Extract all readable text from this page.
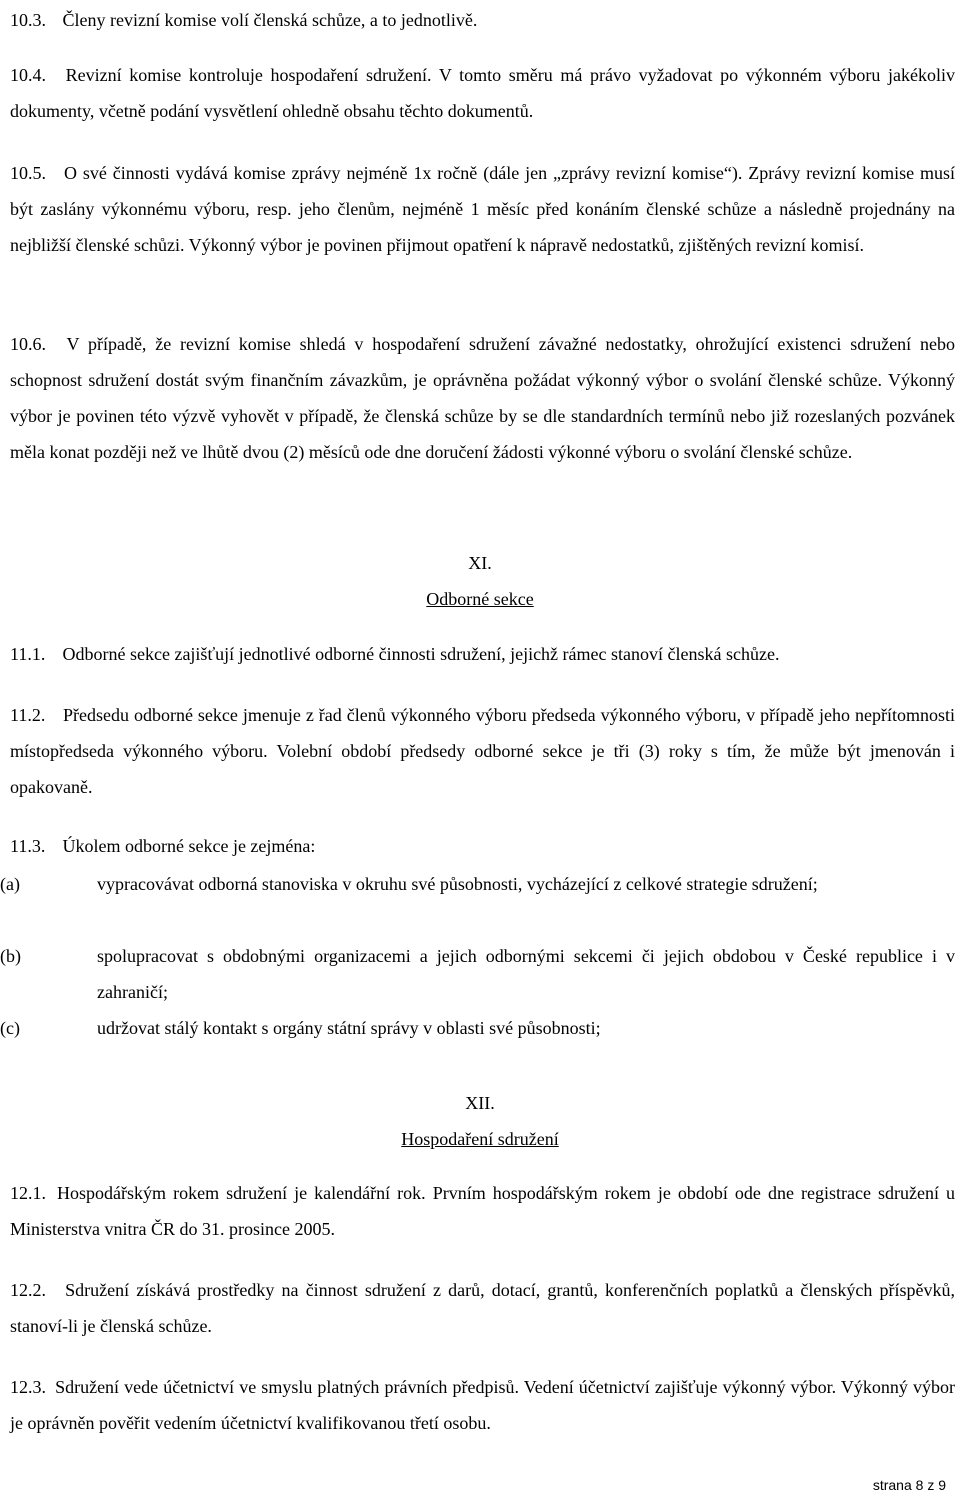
10.3. Členy revizní komise volí členská schůze, a to jednotlivě.

10.4. Revizní komise kontroluje hospodaření sdružení. V tomto směru má právo vyžadovat po výkonném výboru jakékoliv dokumenty, včetně podání vysvětlení ohledně obsahu těchto dokumentů.

10.5. O své činnosti vydává komise zprávy nejméně 1x ročně (dále jen „zprávy revizní komise“). Zprávy revizní komise musí být zaslány výkonnému výboru, resp. jeho členům, nejméně 1 měsíc před konáním členské schůze a následně projednány na nejbližší členské schůzi. Výkonný výbor je povinen přijmout opatření k nápravě nedostatků, zjištěných revizní komisí.

10.6. V případě, že revizní komise shledá v hospodaření sdružení závažné nedostatky, ohrožující existenci sdružení nebo schopnost sdružení dostát svým finančním závazkům, je oprávněna požádat výkonný výbor o svolání členské schůze. Výkonný výbor je povinen této výzvě vyhovět v případě, že členská schůze by se dle standardních termínů nebo již rozeslaných pozvánek měla konat později než ve lhůtě dvou (2) měsíců ode dne doručení žádosti výkonné výboru o svolání členské schůze.

XI.
Odborné sekce

11.1. Odborné sekce zajišťují jednotlivé odborné činnosti sdružení, jejichž rámec stanoví členská schůze.

11.2. Předsedu odborné sekce jmenuje z řad členů výkonného výboru předseda výkonného výboru, v případě jeho nepřítomnosti místopředseda výkonného výboru. Volební období předsedy odborné sekce je tři (3) roky s tím, že může být jmenován i opakovaně.

11.3. Úkolem odborné sekce je zejména:

(a)	vypracovávat odborná stanoviska v okruhu své působnosti, vycházející z celkové strategie sdružení;
(b)	spolupracovat s obdobnými organizacemi a jejich odbornými sekcemi či jejich obdobou v České republice i v zahraničí;
(c)	udržovat stálý kontakt s orgány státní správy v oblasti své působnosti;
XII.
Hospodaření sdružení

12.1. Hospodářským rokem sdružení je kalendářní rok. Prvním hospodářským rokem je období ode dne registrace sdružení u Ministerstva vnitra ČR do 31. prosince 2005.

12.2. Sdružení získává prostředky na činnost sdružení z darů, dotací, grantů, konferenčních poplatků a členských příspěvků, stanoví-li je členská schůze.

12.3. Sdružení vede účetnictví ve smyslu platných právních předpisů. Vedení účetnictví zajišťuje výkonný výbor. Výkonný výbor je oprávněn pověřit vedením účetnictví kvalifikovanou třetí osobu.

strana 8 z 9
